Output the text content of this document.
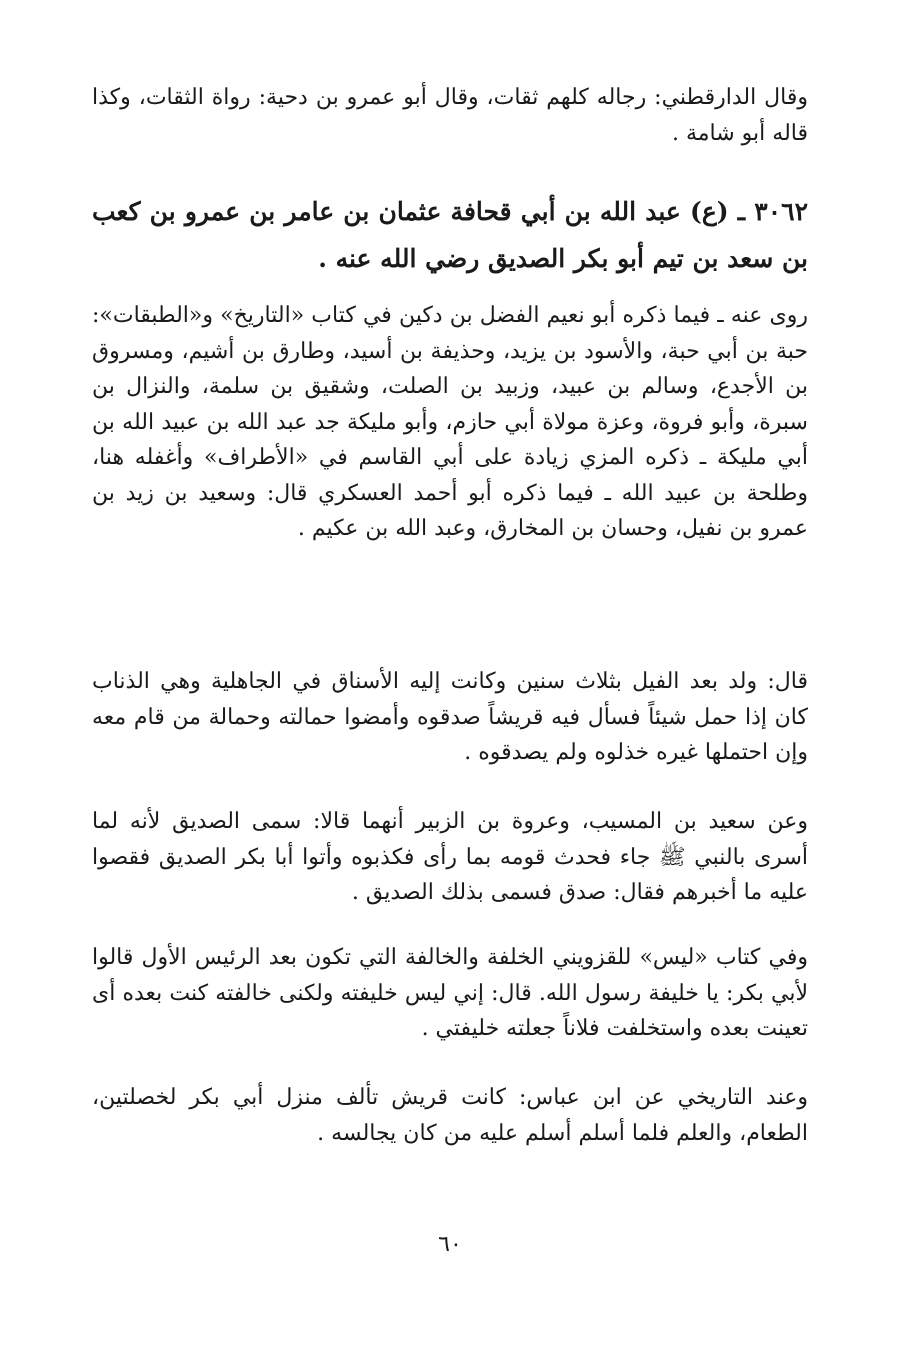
وقال الدارقطني: رجاله كلهم ثقات، وقال أبو عمرو بن دحية: رواة الثقات، وكذا قاله أبو شامة .

٣٠٦٢ ـ (ع) عبد الله بن أبي قحافة عثمان بن عامر بن عمرو بن كعب بن سعد بن تيم أبو بكر الصديق رضي الله عنه .

روى عنه ـ فيما ذكره أبو نعيم الفضل بن دكين في كتاب «التاريخ» و«الطبقات»: حبة بن أبي حبة، والأسود بن يزيد، وحذيفة بن أسيد، وطارق بن أشيم، ومسروق بن الأجدع، وسالم بن عبيد، وزبيد بن الصلت، وشقيق بن سلمة، والنزال بن سبرة، وأبو فروة، وعزة مولاة أبي حازم، وأبو مليكة جد عبد الله بن عبيد الله بن أبي مليكة ـ ذكره المزي زيادة على أبي القاسم في «الأطراف» وأغفله هنا، وطلحة بن عبيد الله ـ فيما ذكره أبو أحمد العسكري قال: وسعيد بن زيد بن عمرو بن نفيل، وحسان بن المخارق، وعبد الله بن عكيم .

قال: ولد بعد الفيل بثلاث سنين وكانت إليه الأسناق في الجاهلية وهي الذناب كان إذا حمل شيئاً فسأل فيه قريشاً صدقوه وأمضوا حمالته وحمالة من قام معه وإن احتملها غيره خذلوه ولم يصدقوه .

وعن سعيد بن المسيب، وعروة بن الزبير أنهما قالا: سمى الصديق لأنه لما أسرى بالنبي ﷺ جاء فحدث قومه بما رأى فكذبوه وأتوا أبا بكر الصديق فقصوا عليه ما أخبرهم فقال: صدق فسمى بذلك الصديق .

وفي كتاب «ليس» للقزويني الخلفة والخالفة التي تكون بعد الرئيس الأول قالوا لأبي بكر: يا خليفة رسول الله. قال: إني ليس خليفته ولكنى خالفته كنت بعده أى تعينت بعده واستخلفت فلاناً جعلته خليفتي .

وعند التاريخي عن ابن عباس: كانت قريش تألف منزل أبي بكر لخصلتين، الطعام، والعلم فلما أسلم أسلم عليه من كان يجالسه .

٦٠
